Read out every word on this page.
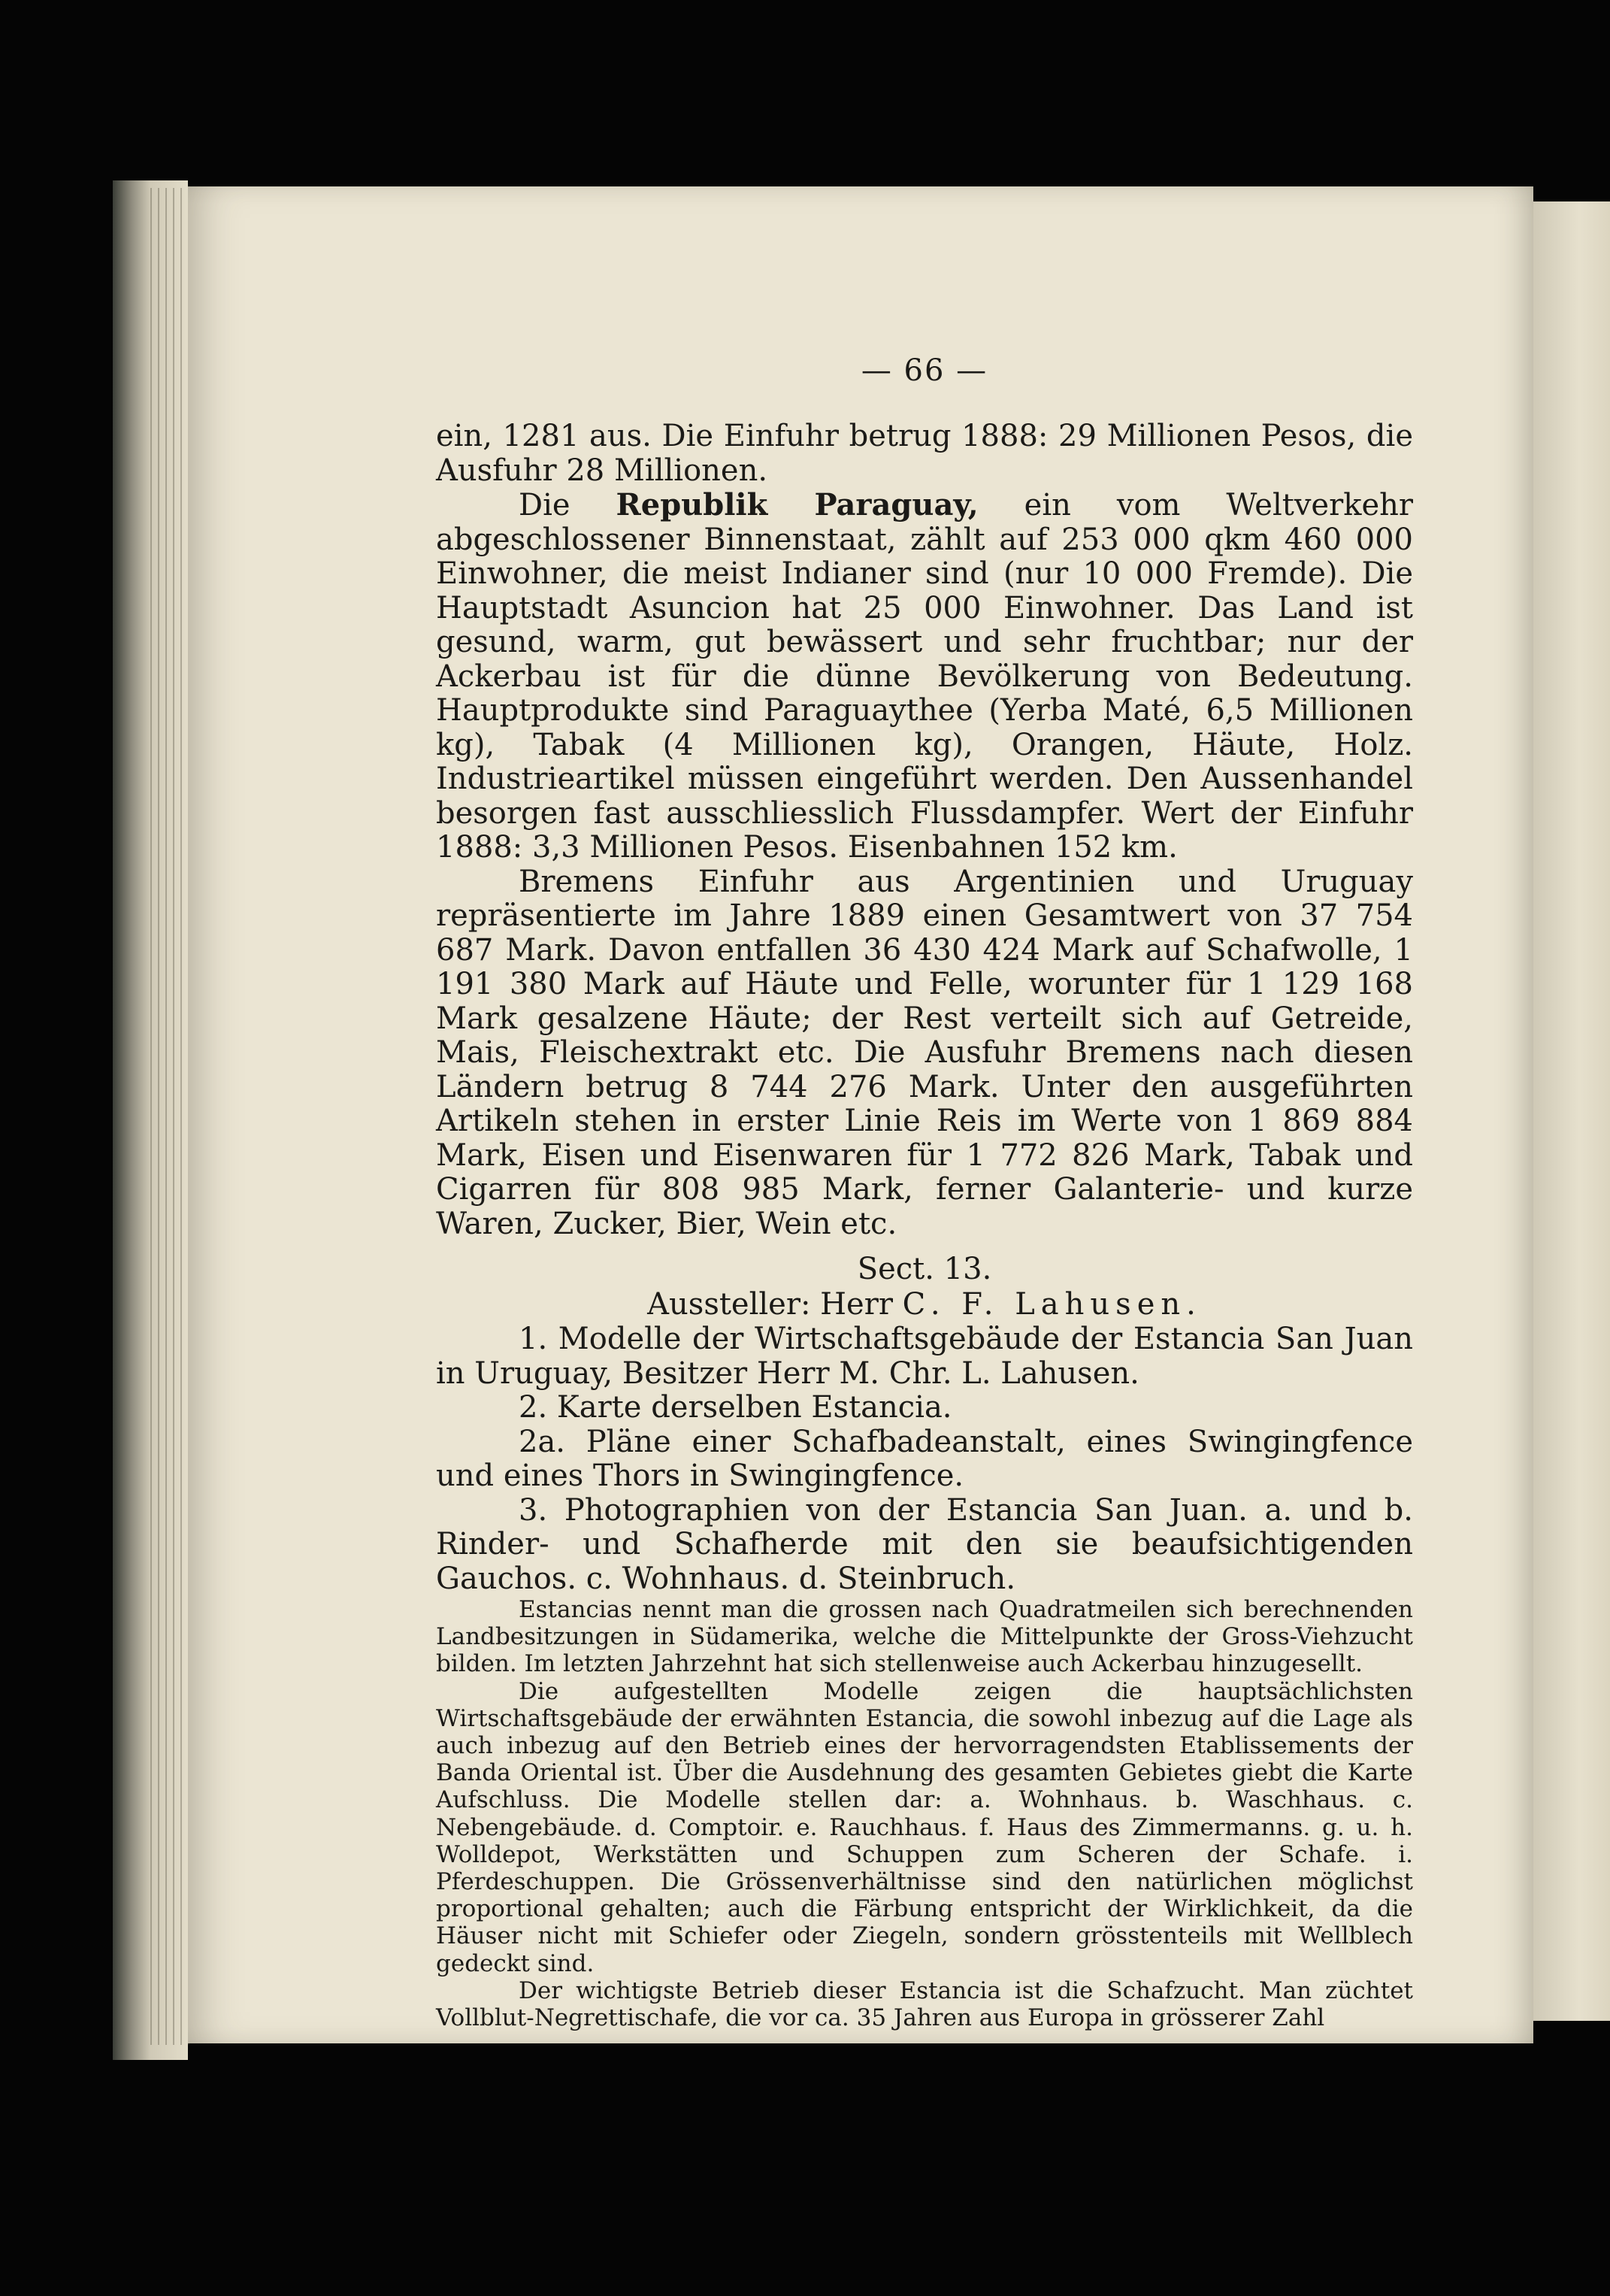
— 66 —

ein, 1281 aus. Die Einfuhr betrug 1888: 29 Millionen Pesos, die Ausfuhr 28 Millionen.

Die Republik Paraguay, ein vom Weltverkehr abgeschlossener Binnenstaat, zählt auf 253 000 qkm 460 000 Einwohner, die meist Indianer sind (nur 10 000 Fremde). Die Hauptstadt Asuncion hat 25 000 Einwohner. Das Land ist gesund, warm, gut bewässert und sehr fruchtbar; nur der Ackerbau ist für die dünne Bevölkerung von Bedeutung. Hauptprodukte sind Paraguaythee (Yerba Maté, 6,5 Millionen kg), Tabak (4 Millionen kg), Orangen, Häute, Holz. Industrieartikel müssen eingeführt werden. Den Aussenhandel besorgen fast ausschliesslich Flussdampfer. Wert der Einfuhr 1888: 3,3 Millionen Pesos. Eisenbahnen 152 km.

Bremens Einfuhr aus Argentinien und Uruguay repräsentierte im Jahre 1889 einen Gesamtwert von 37 754 687 Mark. Davon entfallen 36 430 424 Mark auf Schafwolle, 1 191 380 Mark auf Häute und Felle, worunter für 1 129 168 Mark gesalzene Häute; der Rest verteilt sich auf Getreide, Mais, Fleischextrakt etc. Die Ausfuhr Bremens nach diesen Ländern betrug 8 744 276 Mark. Unter den ausgeführten Artikeln stehen in erster Linie Reis im Werte von 1 869 884 Mark, Eisen und Eisenwaren für 1 772 826 Mark, Tabak und Cigarren für 808 985 Mark, ferner Galanterie- und kurze Waren, Zucker, Bier, Wein etc.

Sect. 13.

Aussteller: Herr C. F. Lahusen.

1. Modelle der Wirtschaftsgebäude der Estancia San Juan in Uruguay, Besitzer Herr M. Chr. L. Lahusen.

2. Karte derselben Estancia.

2a. Pläne einer Schafbadeanstalt, eines Swingingfence und eines Thors in Swingingfence.

3. Photographien von der Estancia San Juan. a. und b. Rinder- und Schafherde mit den sie beaufsichtigenden Gauchos. c. Wohnhaus. d. Steinbruch.

Estancias nennt man die grossen nach Quadratmeilen sich berechnenden Landbesitzungen in Südamerika, welche die Mittelpunkte der Gross-Viehzucht bilden. Im letzten Jahrzehnt hat sich stellenweise auch Ackerbau hinzugesellt.

Die aufgestellten Modelle zeigen die hauptsächlichsten Wirtschaftsgebäude der erwähnten Estancia, die sowohl inbezug auf die Lage als auch inbezug auf den Betrieb eines der hervorragendsten Etablissements der Banda Oriental ist. Über die Ausdehnung des gesamten Gebietes giebt die Karte Aufschluss. Die Modelle stellen dar: a. Wohnhaus. b. Waschhaus. c. Nebengebäude. d. Comptoir. e. Rauchhaus. f. Haus des Zimmermanns. g. u. h. Wolldepot, Werkstätten und Schuppen zum Scheren der Schafe. i. Pferdeschuppen. Die Grössenverhältnisse sind den natürlichen möglichst proportional gehalten; auch die Färbung entspricht der Wirklichkeit, da die Häuser nicht mit Schiefer oder Ziegeln, sondern grösstenteils mit Wellblech gedeckt sind.

Der wichtigste Betrieb dieser Estancia ist die Schafzucht. Man züchtet Vollblut-Negrettischafe, die vor ca. 35 Jahren aus Europa in grösserer Zahl
